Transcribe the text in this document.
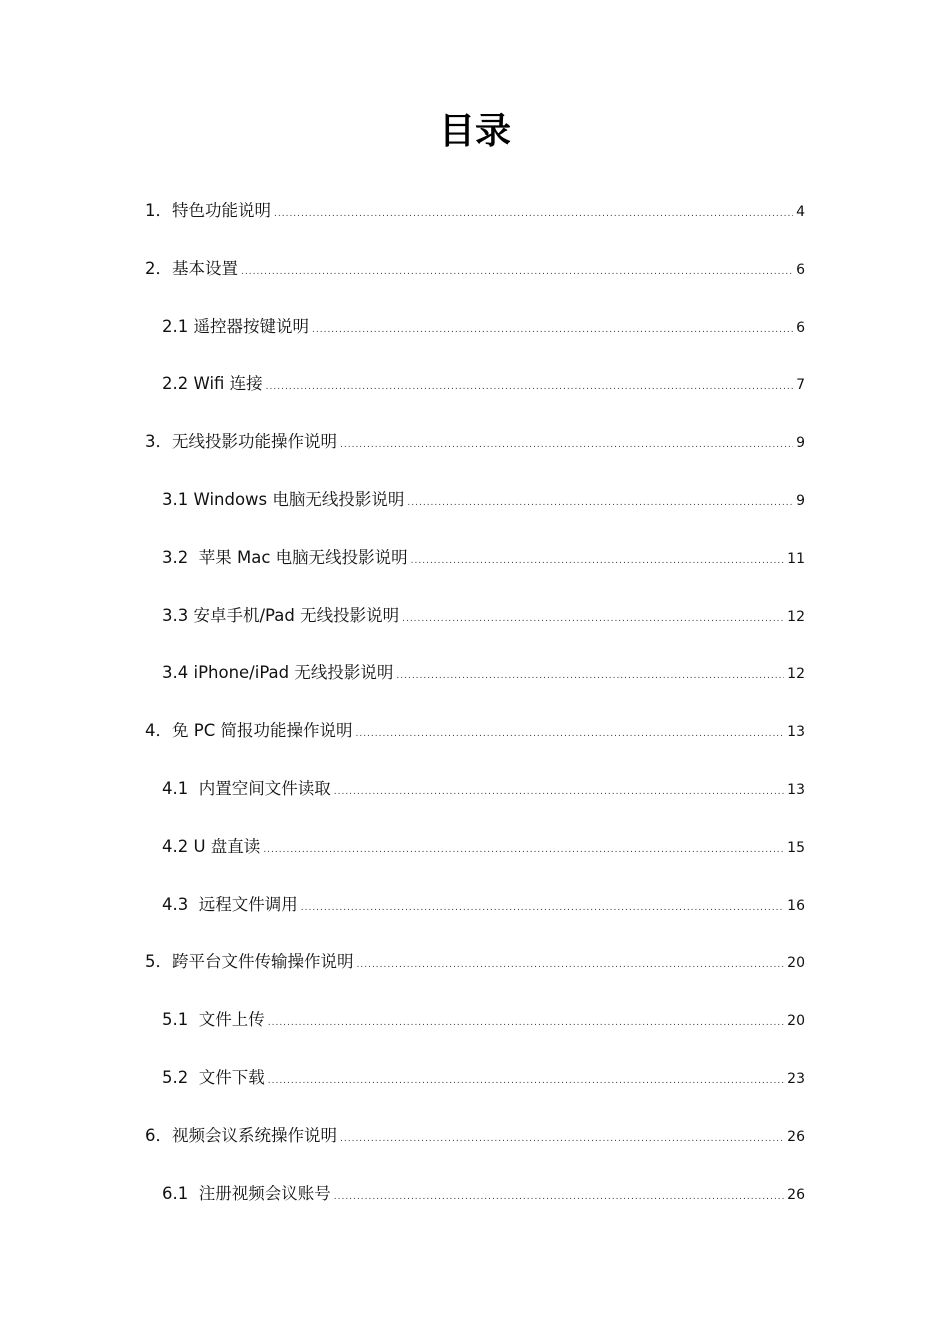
目录
1．特色功能说明 .....	4
2．基本设置 .....	6
2.1 遥控器按键说明 .....	6
2.2 Wifi 连接 .....	7
3．无线投影功能操作说明 .....	9
3.1 Windows 电脑无线投影说明 .....	9
3.2  苹果 Mac 电脑无线投影说明 .....	11
3.3 安卓手机/Pad 无线投影说明 .....	12
3.4 iPhone/iPad 无线投影说明 .....	12
4．免 PC 简报功能操作说明 .....	13
4.1  内置空间文件读取 .....	13
4.2 U 盘直读 .....	15
4.3  远程文件调用 .....	16
5．跨平台文件传输操作说明 .....	20
5.1  文件上传 .....	20
5.2  文件下载 .....	23
6．视频会议系统操作说明 .....	26
6.1  注册视频会议账号 .....	26
